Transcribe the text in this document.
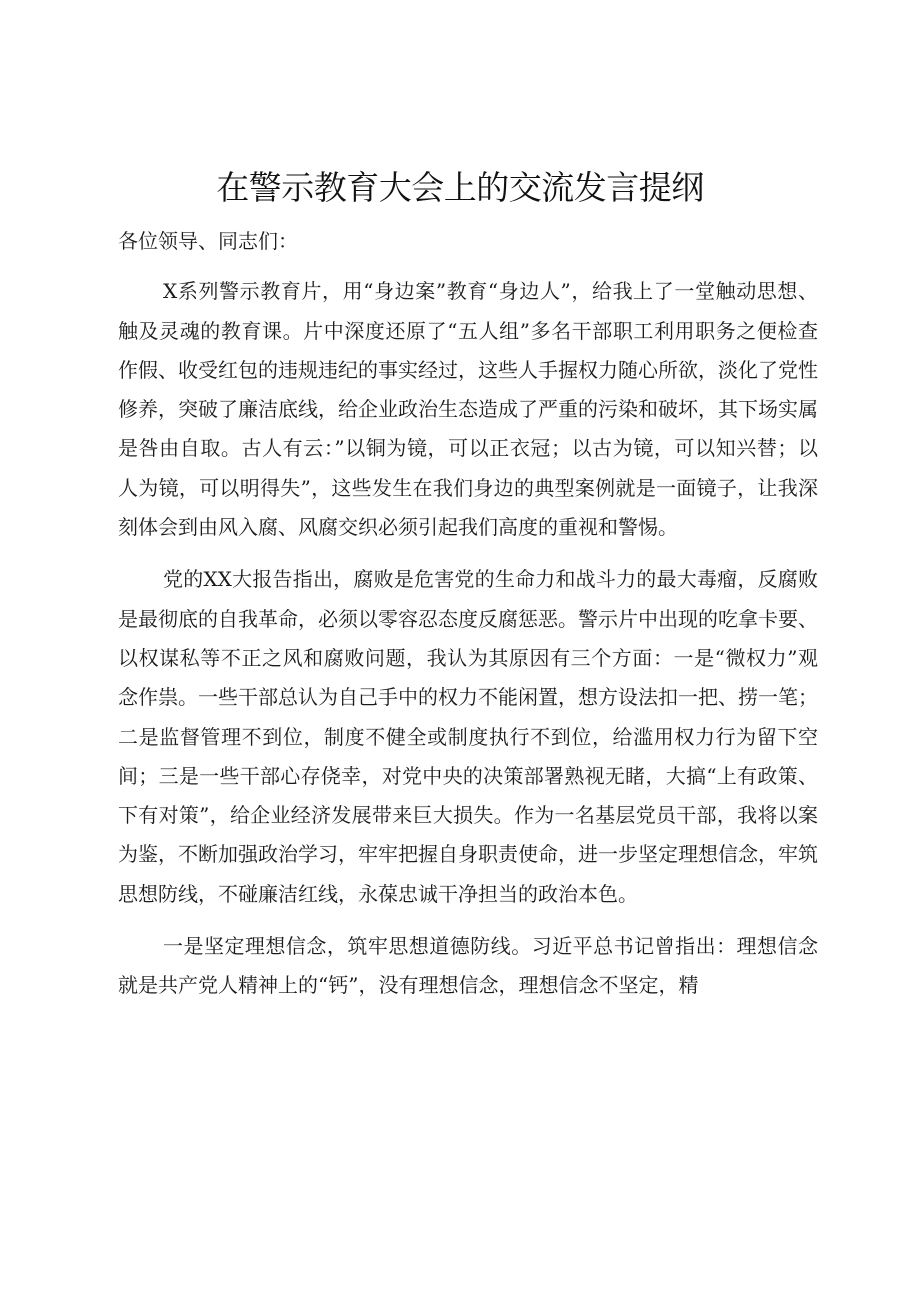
在警示教育大会上的交流发言提纲

各位领导、同志们：

X系列警示教育片，用“身边案”教育“身边人”，给我上了一堂触动思想、触及灵魂的教育课。片中深度还原了“五人组”多名干部职工利用职务之便检查作假、收受红包的违规违纪的事实经过，这些人手握权力随心所欲，淡化了党性修养，突破了廉洁底线，给企业政治生态造成了严重的污染和破坏，其下场实属是咎由自取。古人有云：”以铜为镜，可以正衣冠；以古为镜，可以知兴替；以人为镜，可以明得失”，这些发生在我们身边的典型案例就是一面镜子，让我深刻体会到由风入腐、风腐交织必须引起我们高度的重视和警惕。

党的XX大报告指出，腐败是危害党的生命力和战斗力的最大毒瘤，反腐败是最彻底的自我革命，必须以零容忍态度反腐惩恶。警示片中出现的吃拿卡要、以权谋私等不正之风和腐败问题，我认为其原因有三个方面：一是“微权力”观念作祟。一些干部总认为自己手中的权力不能闲置，想方设法扣一把、捞一笔；二是监督管理不到位，制度不健全或制度执行不到位，给滥用权力行为留下空间；三是一些干部心存侥幸，对党中央的决策部署熟视无睹，大搞“上有政策、下有对策”，给企业经济发展带来巨大损失。作为一名基层党员干部，我将以案为鉴，不断加强政治学习，牢牢把握自身职责使命，进一步坚定理想信念，牢筑思想防线，不碰廉洁红线，永葆忠诚干净担当的政治本色。

一是坚定理想信念，筑牢思想道德防线。习近平总书记曾指出：理想信念就是共产党人精神上的“钙”，没有理想信念，理想信念不坚定，精
